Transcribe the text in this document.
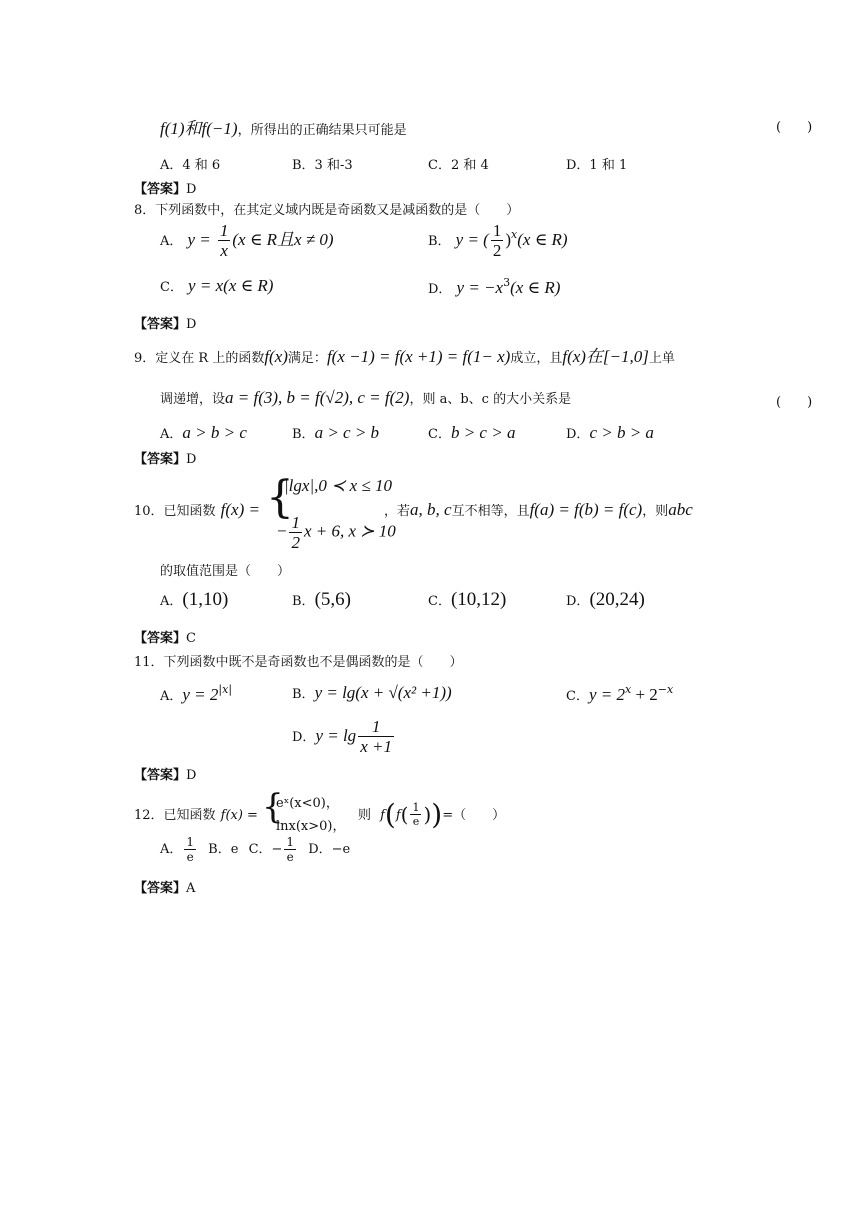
f(1)和f(−1)，所得出的正确结果只可能是	(　　)
A．4 和 6	B．3 和-3	C．2 和 4	D．1 和 1
【答案】D
8．下列函数中，在其定义域内既是奇函数又是减函数的是（　　）
A． $y = \frac{1}{x} (x$ ∈ R且x ≠ 0)	B． y = ( $\frac{1}{2} )^x(x$ ∈ R)
C． y = x(x ∈ R)	D． $y = -x^3(x$ ∈ R)
【答案】D
9．定义在 R 上的函数f(x)满足：f(x −1) = f(x +1) = f(1− x)成立，且f(x)在[−1,0]上单
调递增，设a = f(3), b = f(√2), c = f(2)，则 a、b、c 的大小关系是	(　　)
A．a > b > c	B．a > c > b	C．b > c > a	D．c > b > a
【答案】D
10．已知函数 f(x) = {
|lgx|,0 ≺ x ≤ 10
− $\frac{1}{2}$ x + 6, x ≻ 10
，若a, b, c互不相等，且f(a) = f(b) = f(c)，则abc
的取值范围是（　　）
A．(1,10)	B．(5,6)	C．(10,12)	D．(20,24)
【答案】C
11．下列函数中既不是奇函数也不是偶函数的是（　　）
A．$y = 2^{|x|}$	B．y = lg(x + √(x² +1))	C．$y = 2^x + 2^{-x}$
D．$y = \lg \frac{1}{x +1}$
【答案】D
12．已知函数 f(x) = {
eˣ(x<0)，
lnx(x>0)，
则 $f(f( \frac{1}{e}$ ))=（　　）
A． $\frac{1}{e}$ B．e C．− $\frac{1}{e}$ D．−e
【答案】A
